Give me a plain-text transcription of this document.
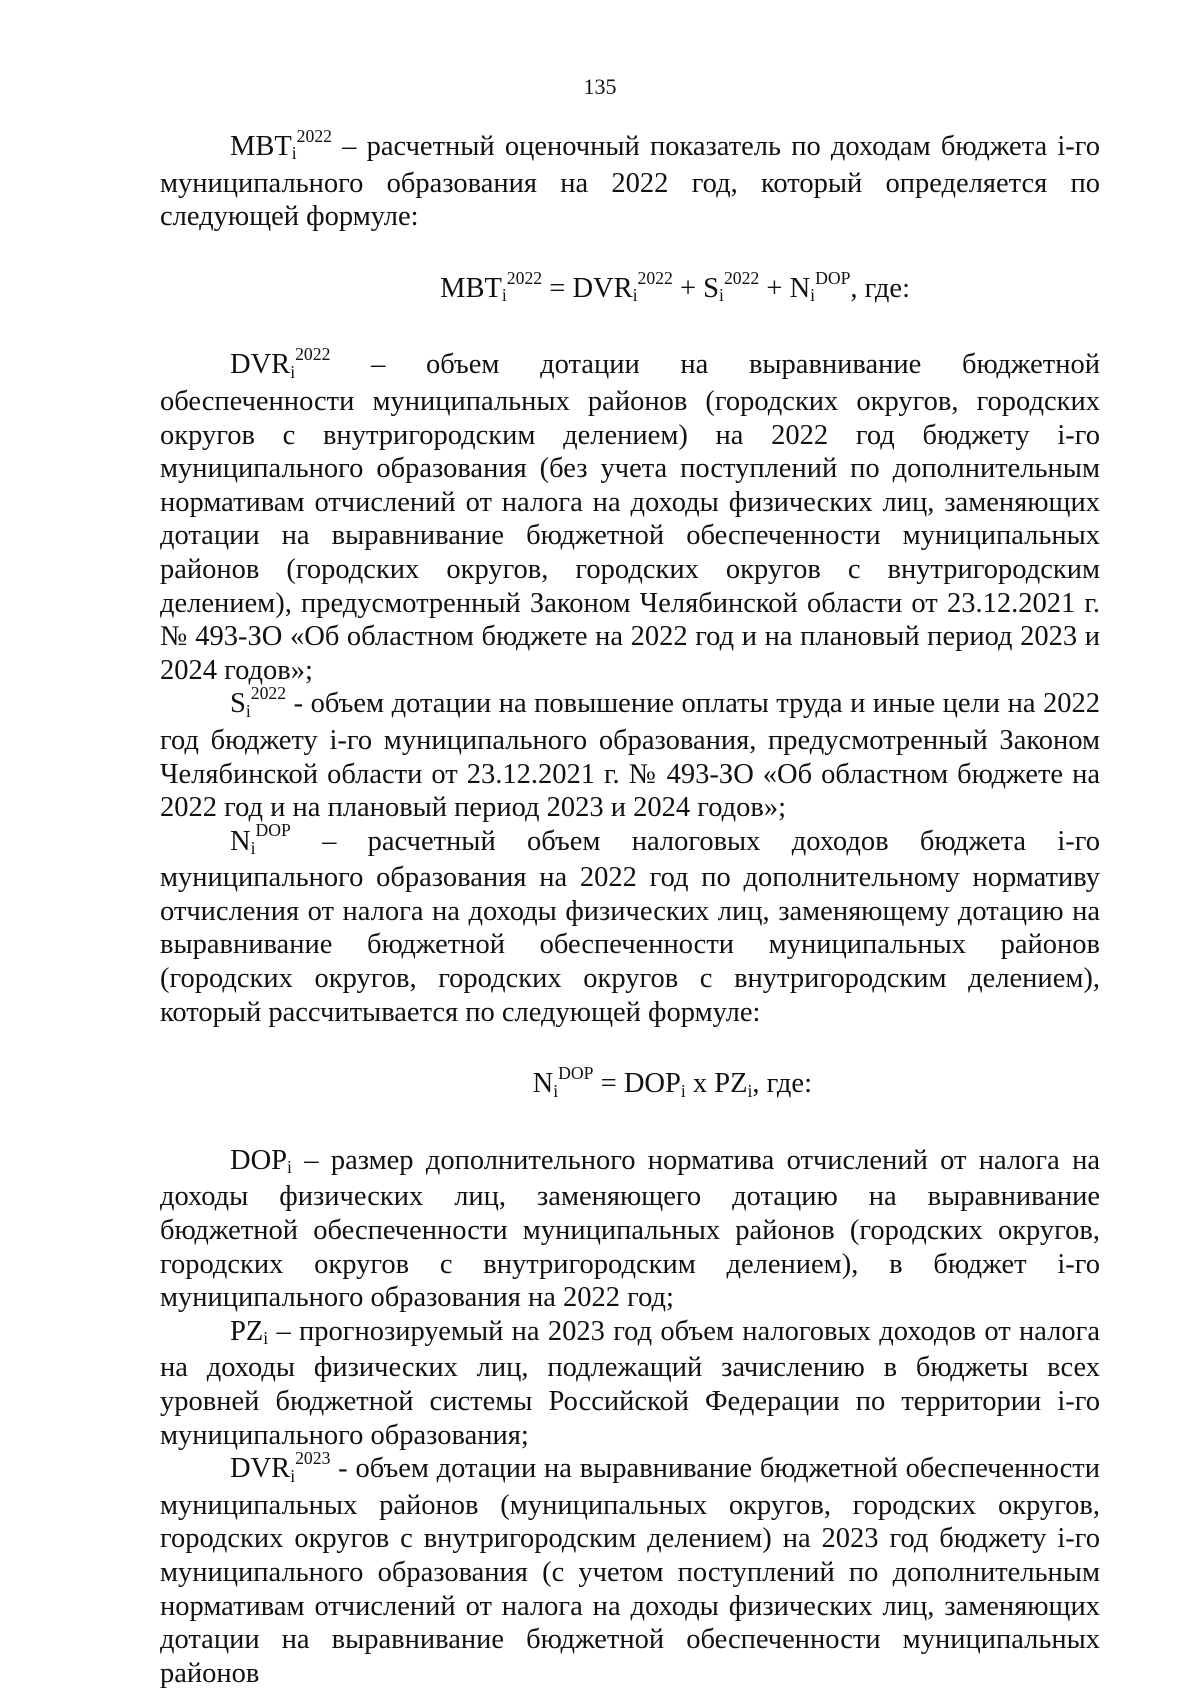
135

MBTi$^{2022}$ – расчетный оценочный показатель по доходам бюджета i-го муниципального образования на 2022 год, который определяется по следующей формуле:

MBTi$^{2022}$ = DVRi$^{2022}$ + $Si^{2022} + Ni^{DOP}$, где:

DVRi$^{2022}$ – объем дотации на выравнивание бюджетной обеспеченности муниципальных районов (городских округов, городских округов с внутригородским делением) на 2022 год бюджету i-го муниципального образования (без учета поступлений по дополнительным нормативам отчислений от налога на доходы физических лиц, заменяющих дотации на выравнивание бюджетной обеспеченности муниципальных районов (городских округов, городских округов с внутригородским делением), предусмотренный Законом Челябинской области от 23.12.2021 г. № 493-ЗО «Об областном бюджете на 2022 год и на плановый период 2023 и 2024 годов»;

$Si^{2022}$ - объем дотации на повышение оплаты труда и иные цели на 2022 год бюджету i-го муниципального образования, предусмотренный Законом Челябинской области от 23.12.2021 г. № 493-ЗО «Об областном бюджете на 2022 год и на плановый период 2023 и 2024 годов»;

$Ni^{DOP}$ – расчетный объем налоговых доходов бюджета i-го муниципального образования на 2022 год по дополнительному нормативу отчисления от налога на доходы физических лиц, заменяющему дотацию на выравнивание бюджетной обеспеченности муниципальных районов (городских округов, городских округов с внутригородским делением), который рассчитывается по следующей формуле:

$Ni^{DOP}$ = DOPi x PZi, где:

DOPi – размер дополнительного норматива отчислений от налога на доходы физических лиц, заменяющего дотацию на выравнивание бюджетной обеспеченности муниципальных районов (городских округов, городских округов с внутригородским делением), в бюджет i-го муниципального образования на 2022 год;

PZi – прогнозируемый на 2023 год объем налоговых доходов от налога на доходы физических лиц, подлежащий зачислению в бюджеты всех уровней бюджетной системы Российской Федерации по территории i-го муниципального образования;

DVRi$^{2023}$ - объем дотации на выравнивание бюджетной обеспеченности муниципальных районов (муниципальных округов, городских округов, городских округов с внутригородским делением) на 2023 год бюджету i-го муниципального образования (с учетом поступлений по дополнительным нормативам отчислений от налога на доходы физических лиц, заменяющих дотации на выравнивание бюджетной обеспеченности муниципальных районов
